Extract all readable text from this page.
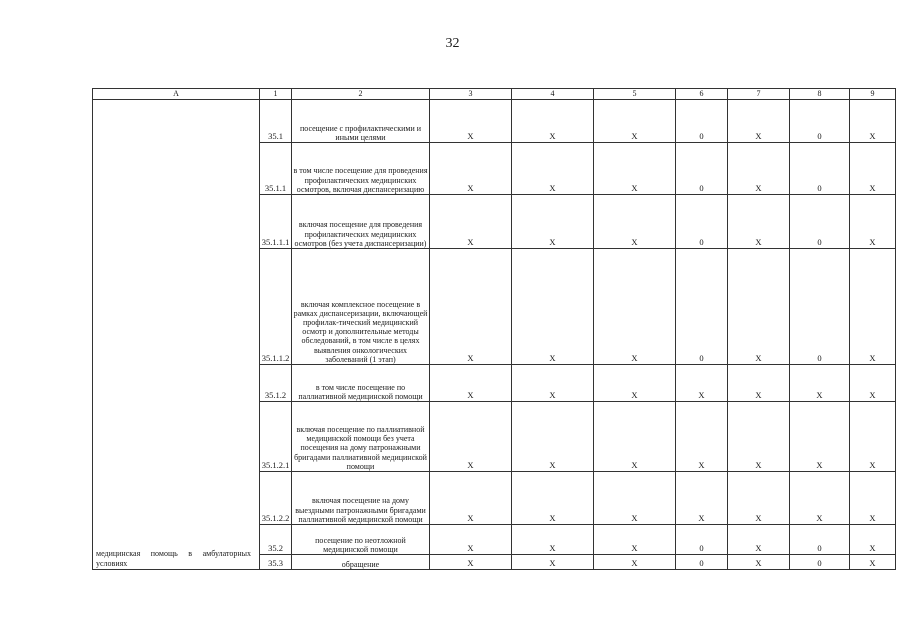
32
А	1	2	3	4	5	6	7	8	9

медицинская помощь в амбулаторных условиях	35.1	посещение с профилактическими и иными целями	Х	Х	Х	0	Х	0	Х
	35.1.1	в том числе посещение для проведения профилактических медицинских осмотров, включая диспансеризацию	Х	Х	Х	0	Х	0	Х
	35.1.1.1	включая посещение для проведения профилактических медицинских осмотров (без учета диспансеризации)	Х	Х	Х	0	Х	0	Х
	35.1.1.2	включая комплексное посещение в рамках диспансеризации, включающей профилак-тический медицинский осмотр и дополнительные методы обследований, в том числе в целях выявления онкологических заболеваний (1 этап)	Х	Х	Х	0	Х	0	Х
	35.1.2	в том числе посещение по паллиативной медицинской помощи	Х	Х	Х	Х	Х	Х	Х
	35.1.2.1	включая посещение по паллиативной медицинской помощи без учета посещения на дому патронажными бригадами паллиативной медицинской помощи	Х	Х	Х	Х	Х	Х	Х
	35.1.2.2	включая посещение на дому выездными патронажными бригадами паллиативной медицинской помощи	Х	Х	Х	Х	Х	Х	Х
	35.2	посещение по неотложной медицинской помощи	Х	Х	Х	0	Х	0	Х
	35.3	обращение	Х	Х	Х	0	Х	0	Х
